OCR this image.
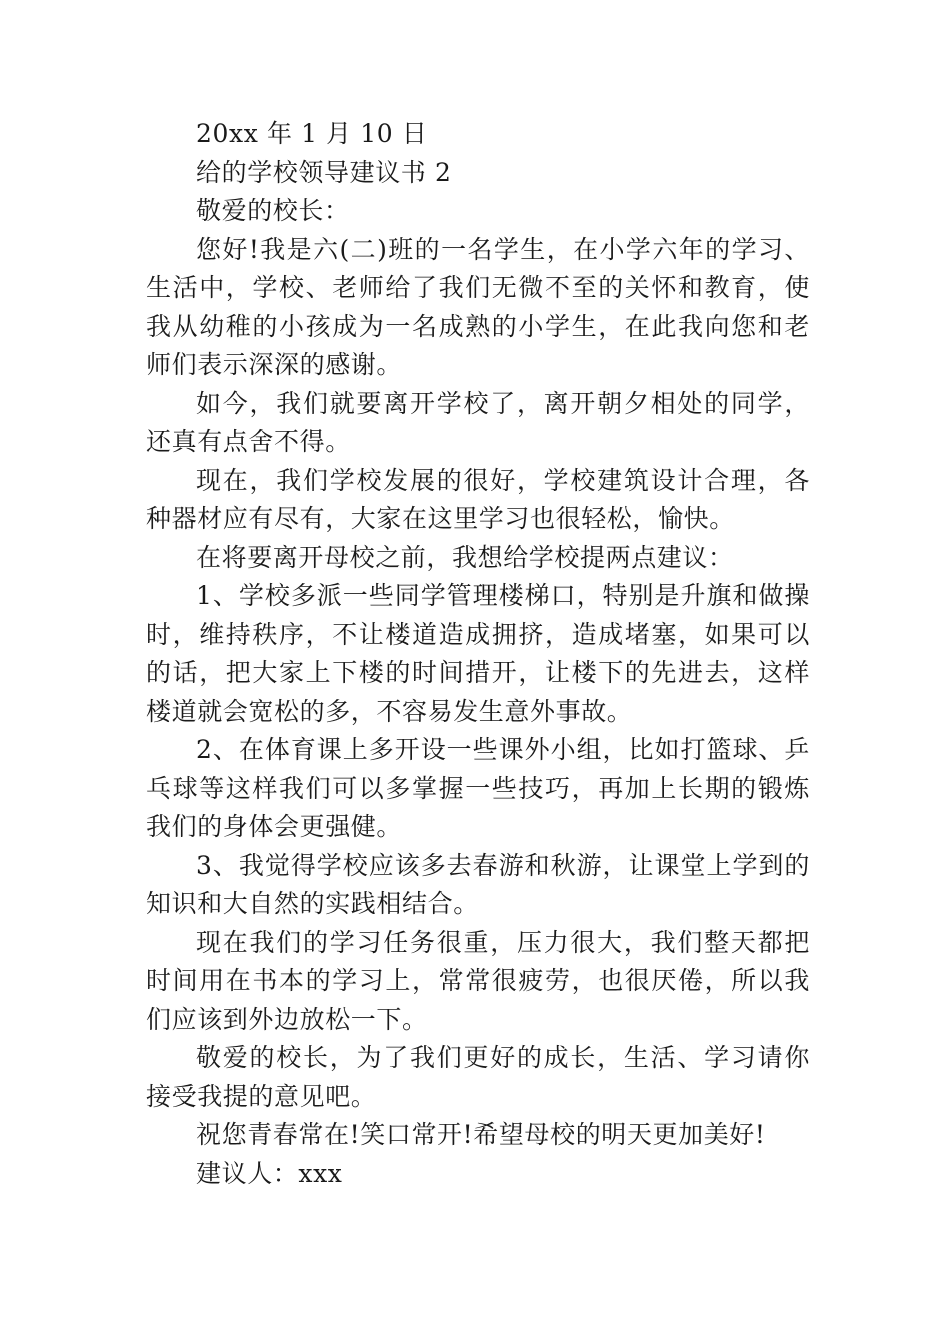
20xx 年 1 月 10 日

给的学校领导建议书 2

敬爱的校长：

您好!我是六(二)班的一名学生，在小学六年的学习、生活中，学校、老师给了我们无微不至的关怀和教育，使我从幼稚的小孩成为一名成熟的小学生，在此我向您和老师们表示深深的感谢。

如今，我们就要离开学校了，离开朝夕相处的同学，还真有点舍不得。

现在，我们学校发展的很好，学校建筑设计合理，各种器材应有尽有，大家在这里学习也很轻松，愉快。

在将要离开母校之前，我想给学校提两点建议：

1、学校多派一些同学管理楼梯口，特别是升旗和做操时，维持秩序，不让楼道造成拥挤，造成堵塞，如果可以的话，把大家上下楼的时间措开，让楼下的先进去，这样楼道就会宽松的多，不容易发生意外事故。

2、在体育课上多开设一些课外小组，比如打篮球、乒乓球等这样我们可以多掌握一些技巧，再加上长期的锻炼我们的身体会更强健。

3、我觉得学校应该多去春游和秋游，让课堂上学到的知识和大自然的实践相结合。

现在我们的学习任务很重，压力很大，我们整天都把时间用在书本的学习上，常常很疲劳，也很厌倦，所以我们应该到外边放松一下。

敬爱的校长，为了我们更好的成长，生活、学习请你接受我提的意见吧。

祝您青春常在!笑口常开!希望母校的明天更加美好!

建议人：xxx
